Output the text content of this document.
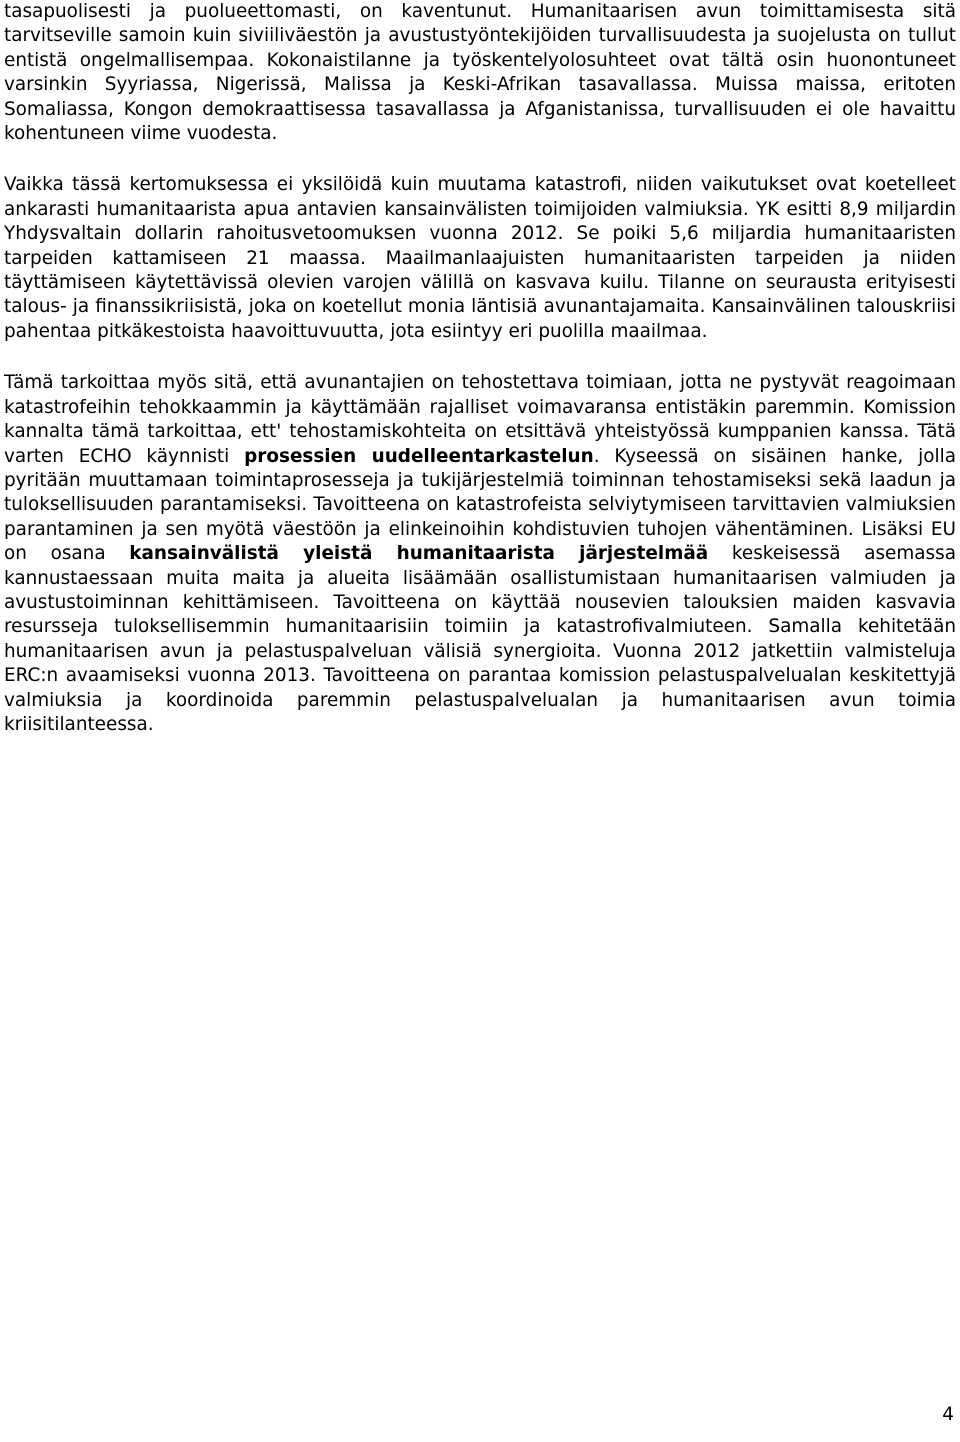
tasapuolisesti ja puolueettomasti, on kaventunut. Humanitaarisen avun toimittamisesta sitä tarvitseville samoin kuin siviiliväestön ja avustustyöntekijöiden turvallisuudesta ja suojelusta on tullut entistä ongelmallisempaa. Kokonaistilanne ja työskentelyolosuhteet ovat tältä osin huonontuneet varsinkin Syyriassa, Nigerissä, Malissa ja Keski-Afrikan tasavallassa. Muissa maissa, eritoten Somaliassa, Kongon demokraattisessa tasavallassa ja Afganistanissa, turvallisuuden ei ole havaittu kohentuneen viime vuodesta.

Vaikka tässä kertomuksessa ei yksilöidä kuin muutama katastrofi, niiden vaikutukset ovat koetelleet ankarasti humanitaarista apua antavien kansainvälisten toimijoiden valmiuksia. YK esitti 8,9 miljardin Yhdysvaltain dollarin rahoitusvetoomuksen vuonna 2012. Se poiki 5,6 miljardia humanitaaristen tarpeiden kattamiseen 21 maassa. Maailmanlaajuisten humanitaaristen tarpeiden ja niiden täyttämiseen käytettävissä olevien varojen välillä on kasvava kuilu. Tilanne on seurausta erityisesti talous- ja finanssikriisistä, joka on koetellut monia läntisiä avunantajamaita. Kansainvälinen talouskriisi pahentaa pitkäkestoista haavoittuvuutta, jota esiintyy eri puolilla maailmaa.

Tämä tarkoittaa myös sitä, että avunantajien on tehostettava toimiaan, jotta ne pystyvät reagoimaan katastrofeihin tehokkaammin ja käyttämään rajalliset voimavaransa entistäkin paremmin. Komission kannalta tämä tarkoittaa, ett' tehostamiskohteita on etsittävä yhteistyössä kumppanien kanssa. Tätä varten ECHO käynnisti prosessien uudelleentarkastelun. Kyseessä on sisäinen hanke, jolla pyritään muuttamaan toimintaprosesseja ja tukijärjestelmiä toiminnan tehostamiseksi sekä laadun ja tuloksellisuuden parantamiseksi. Tavoitteena on katastrofeista selviytymiseen tarvittavien valmiuksien parantaminen ja sen myötä väestöön ja elinkeinoihin kohdistuvien tuhojen vähentäminen. Lisäksi EU on osana kansainvälistä yleistä humanitaarista järjestelmää keskeisessä asemassa kannustaessaan muita maita ja alueita lisäämään osallistumistaan humanitaarisen valmiuden ja avustustoiminnan kehittämiseen. Tavoitteena on käyttää nousevien talouksien maiden kasvavia resursseja tuloksellisemmin humanitaarisiin toimiin ja katastrofivalmiuteen. Samalla kehitetään humanitaarisen avun ja pelastuspalveluan välisiä synergioita. Vuonna 2012 jatkettiin valmisteluja ERC:n avaamiseksi vuonna 2013. Tavoitteena on parantaa komission pelastuspalvelualan keskitettyjä valmiuksia ja koordinoida paremmin pelastuspalvelualan ja humanitaarisen avun toimia kriisitilanteessa.

4
